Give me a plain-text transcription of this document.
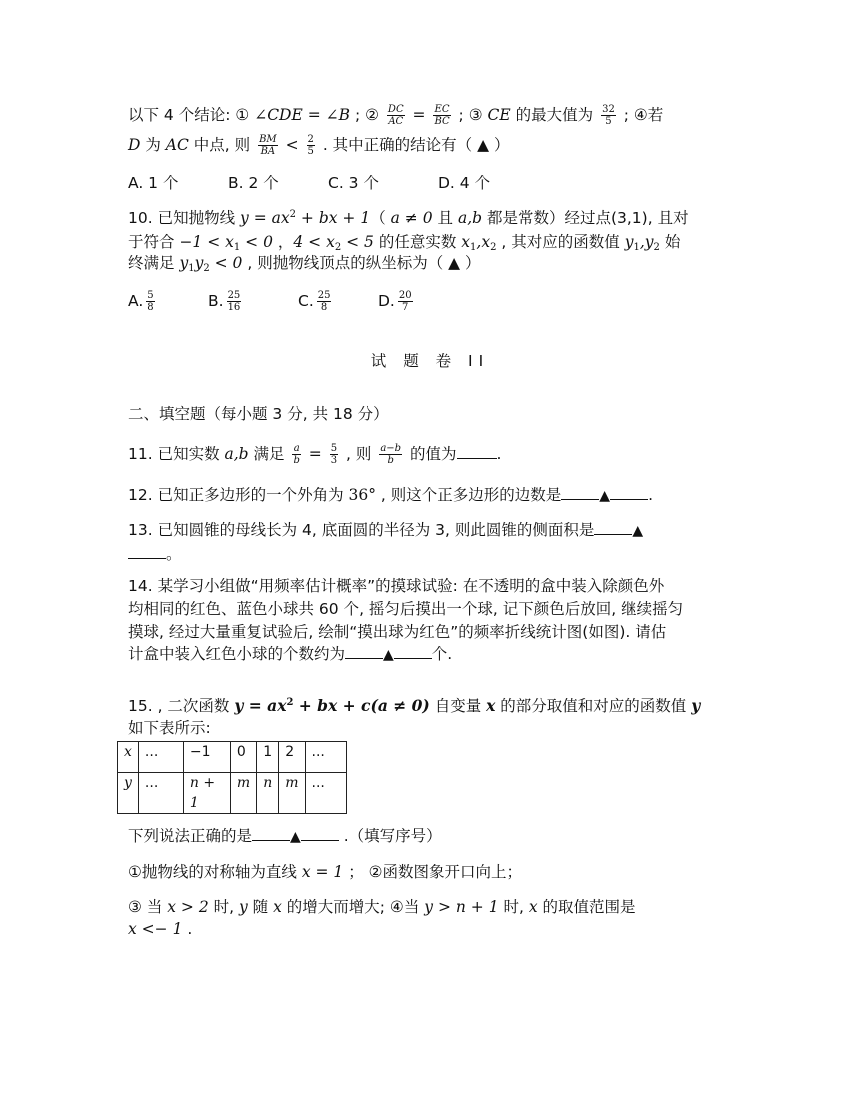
以下 4 个结论: ① ∠CDE = ∠B ; ② $\frac{DC}{AC} = \frac{EC}{BC}$ ; ③ CE 的最大值为 $\frac{32}{5}$ ; ④若
D 为 AC 中点, 则 $\frac{BM}{BA} < \frac{2}{5}$ . 其中正确的结论有（ ▲ ）
A. 1 个	B. 2 个	C. 3 个	D. 4 个
10. 已知抛物线 $y = ax^2$ + bx + 1（ a ≠ 0 且 a,b 都是常数）经过点(3,1), 且对
于符合 $-1 < x_1 < 0$ ，$4 < x_2 < 5$ 的任意实数 $x_1,x_2$ , 其对应的函数值 $y_1,y_2$ 始
终满足 $y_1y_2 < 0$ , 则抛物线顶点的纵坐标为（ ▲ ）
A. $\frac{5}{8}$	B. $\frac{25}{16}$	C. $\frac{25}{8}$	D. $\frac{20}{7}$
试 题 卷 II
二、填空题（每小题 3 分, 共 18 分）
11. 已知实数 a,b 满足 $\frac{a}{b} = \frac{5}{3}$ , 则 $\frac{a-b}{b}$ 的值为	.
12. 已知正多边形的一个外角为 36° , 则这个正多边形的边数是	▲ .
13. 已知圆锥的母线长为 4, 底面圆的半径为 3, 则此圆锥的侧面积是	▲
。
14. 某学习小组做“用频率估计概率”的摸球试验: 在不透明的盒中装入除颜色外
均相同的红色、蓝色小球共 60 个, 摇匀后摸出一个球, 记下颜色后放回, 继续摇匀
摸球, 经过大量重复试验后, 绘制“摸出球为红色”的频率折线统计图(如图). 请估
计盒中装入红色小球的个数约为	▲ 个.
15. , 二次函数 $y = ax^2$ + bx + c(a ≠ 0) 自变量 x 的部分取值和对应的函数值 y
如下表所示:
x	...	−1	0	1	2	...
y	...	n + 1	m	n	m	...
下列说法正确的是	▲ .（填写序号）
①抛物线的对称轴为直线 x = 1 ； ②函数图象开口向上；
③ 当 x > 2 时, y 随 x 的增大而增大; ④当 y > n + 1 时, x 的取值范围是
x <− 1 .
